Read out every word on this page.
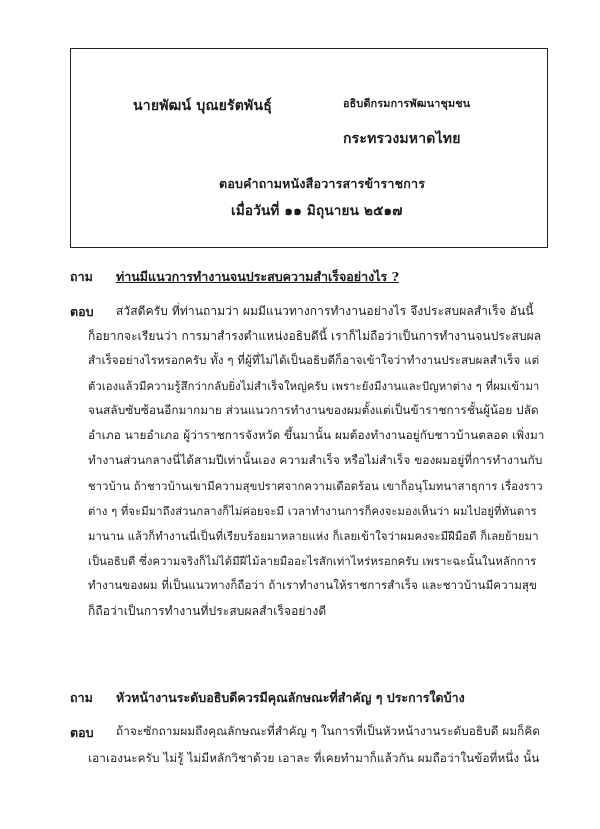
นายพัฒน์ บุณยรัตพันธุ์	อธิบดีกรมการพัฒนาชุมชน
กระทรวงมหาดไทย
ตอบคำถามหนังสือวารสารข้าราชการ
เมื่อวันที่ ๑๑ มิถุนายน ๒๕๑๗
ถาม ท่านมีแนวการทำงานจนประสบความสำเร็จอย่างไร ?
ตอบ สวัสดีครับ ที่ท่านถามว่า ผมมีแนวทางการทำงานอย่างไร จึงประสบผลสำเร็จ อันนี้
ก็อยากจะเรียนว่า การมาสำรงตำแหน่งอธิบดีนี้ เราก็ไม่ถือว่าเป็นการทำงานจนประสบผล
สำเร็จอย่างไรหรอกครับ ทั้ง ๆ ที่ผู้ที่ไม่ได้เป็นอธิบดีก็อาจเข้าใจว่าทำงานประสบผลสำเร็จ แต่
ตัวเองแล้วมีความรู้สึกว่ากลับยิ่งไม่สำเร็จใหญ่ครับ เพราะยังมีงานและปัญหาต่าง ๆ ที่ผมเข้ามา
จนสลับซับซ้อนอีกมากมาย ส่วนแนวการทำงานของผมตั้งแต่เป็นข้าราชการชั้นผู้น้อย ปลัด
อำเภอ นายอำเภอ ผู้ว่าราชการจังหวัด ขึ้นมานั้น ผมต้องทำงานอยู่กับชาวบ้านตลอด เพิ่งมา
ทำงานส่วนกลางนี่ได้สามปีเท่านั้นเอง ความสำเร็จ หรือไม่สำเร็จ ของผมอยู่ที่การทำงานกับ
ชาวบ้าน ถ้าชาวบ้านเขามีความสุขปราศจากความเดือดร้อน เขาก็อนุโมทนาสาธุการ เรื่องราว
ต่าง ๆ ที่จะมีมาถึงส่วนกลางก็ไม่ค่อยจะมี เวลาทำงานการก็คงจะมองเห็นว่า ผมไปอยู่ที่ทันดาร
มานาน แล้วก็ทำงานนี่เป็นที่เรียบร้อยมาหลายแห่ง ก็เลยเข้าใจว่าผมคงจะมีฝีมือดี ก็เลยย้ายมา
เป็นอธิบดี ซึ่งความจริงก็ไม่ได้มีฝีไม้ลายมืออะไรสักเท่าไหร่หรอกครับ เพราะฉะนั้นในหลักการ
ทำงานของผม ที่เป็นแนวทางก็ถือว่า ถ้าเราทำงานให้ราชการสำเร็จ และชาวบ้านมีความสุข
ก็ถือว่าเป็นการทำงานที่ประสบผลสำเร็จอย่างดี
ถาม หัวหน้างานระดับอธิบดีควรมีคุณลักษณะที่สำคัญ ๆ ประการใดบ้าง
ตอบ ถ้าจะซักถามผมถึงคุณลักษณะที่สำคัญ ๆ ในการที่เป็นหัวหน้างานระดับอธิบดี ผมก็คิด
เอาเองนะครับ ไม่รู้ ไม่มีหลักวิชาด้วย เอาละ ที่เคยทำมาก็แล้วกัน ผมถือว่าในข้อที่หนึ่ง นั้น
